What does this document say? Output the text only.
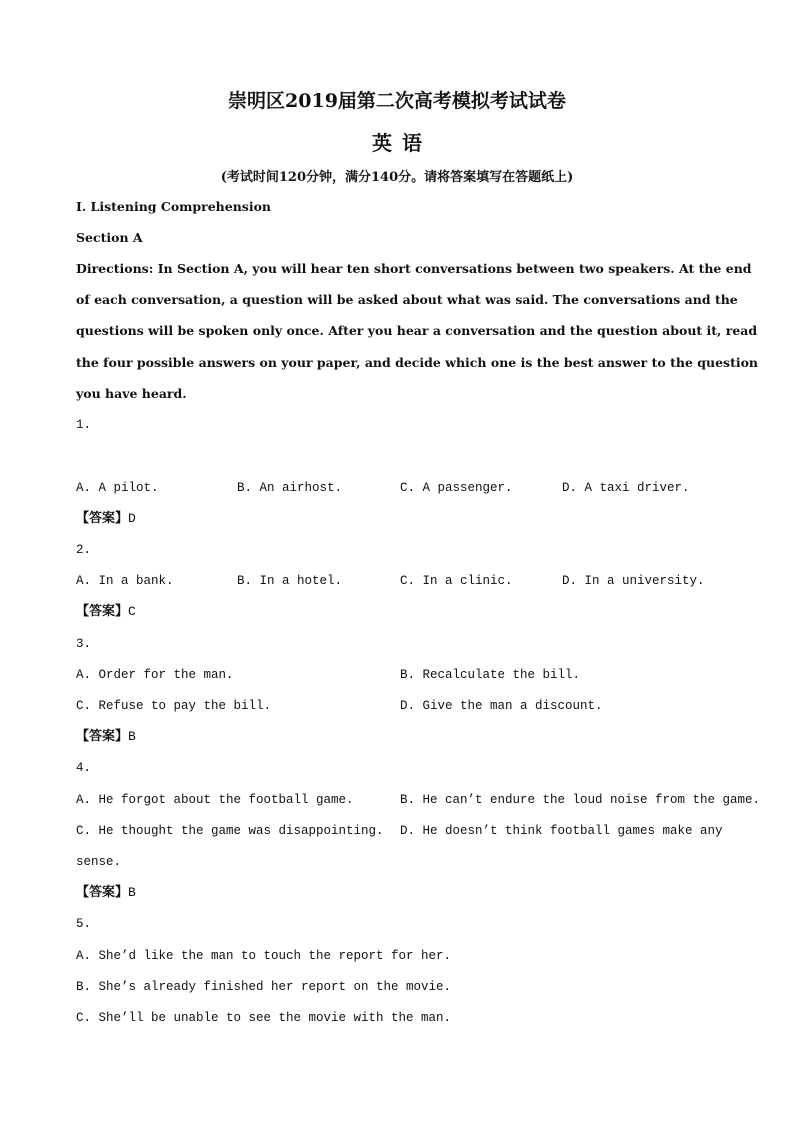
崇明区2019届第二次高考模拟考试试卷
英语
(考试时间120分钟，满分140分。请将答案填写在答题纸上)
I. Listening Comprehension
Section A
Directions: In Section A, you will hear ten short conversations between two speakers. At the end
of each conversation, a question will be asked about what was said. The conversations and the
questions will be spoken only once. After you hear a conversation and the question about it, read
the four possible answers on your paper, and decide which one is the best answer to the question
you have heard.
1.
A. A pilot.	B. An airhost.	C. A passenger.	D. A taxi driver.
【答案】D
2.
A. In a bank.	B. In a hotel.	C. In a clinic.	D. In a university.
【答案】C
3.
A. Order for the man.	B. Recalculate the bill.
C. Refuse to pay the bill.	D. Give the man a discount.
【答案】B
4.
A. He forgot about the football game.	B. He can’t endure the loud noise from the game.
C. He thought the game was disappointing. D. He doesn’t think football games make any
sense.
【答案】B
5.
A. She’d like the man to touch the report for her.
B. She’s already finished her report on the movie.
C. She’ll be unable to see the movie with the man.
